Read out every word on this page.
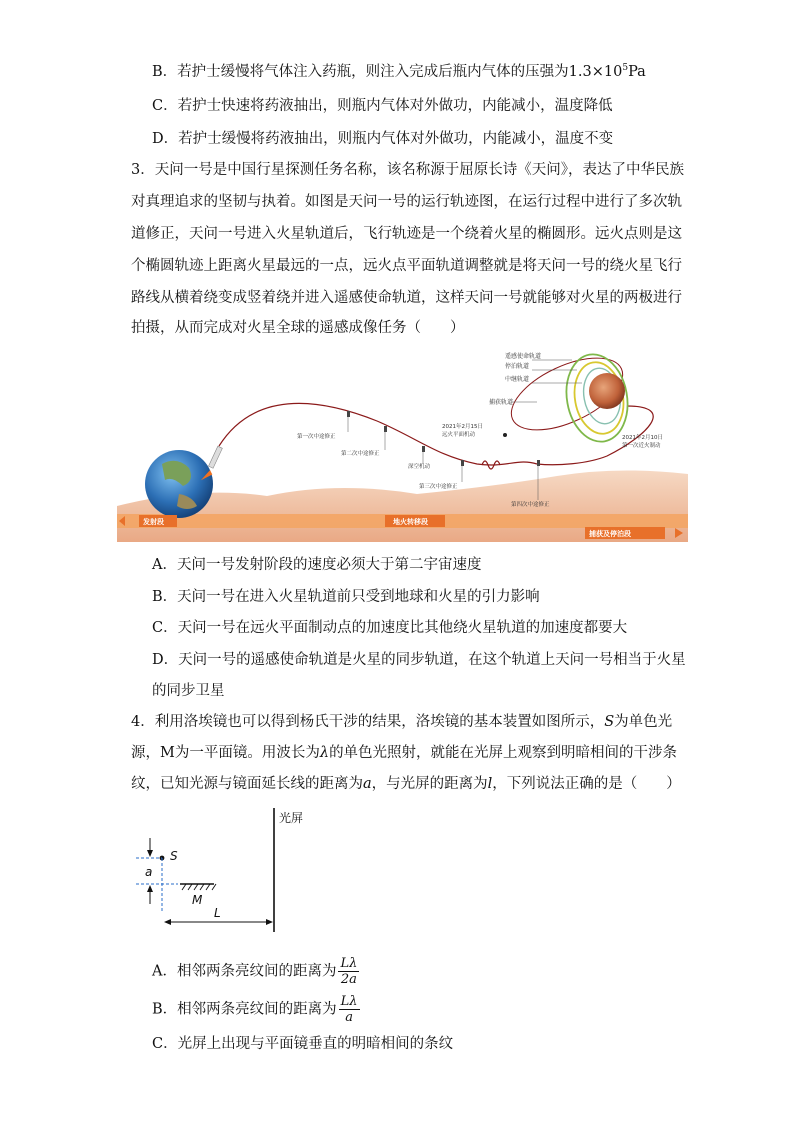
B．若护士缓慢将气体注入药瓶，则注入完成后瓶内气体的压强为$1.3\times 10^5Pa$
C．若护士快速将药液抽出，则瓶内气体对外做功，内能减小，温度降低
D．若护士缓慢将药液抽出，则瓶内气体对外做功，内能减小，温度不变
3．天问一号是中国行星探测任务名称，该名称源于屈原长诗《天问》，表达了中华民族
对真理追求的坚韧与执着。如图是天问一号的运行轨迹图，在运行过程中进行了多次轨
道修正，天问一号进入火星轨道后，飞行轨迹是一个绕着火星的椭圆形。远火点则是这
个椭圆轨迹上距离火星最远的一点，远火点平面轨道调整就是将天问一号的绕火星飞行
路线从横着绕变成竖着绕并进入遥感使命轨道，这样天问一号就能够对火星的两极进行
拍摄，从而完成对火星全球的遥感成像任务（　　）
遥感使命轨道
停泊轨道
中继轨道
捕获轨道
第一次中途修正
第二次中途修正
深空机动
第三次中途修正
第四次中途修正
2021年2月15日
远火平面机动	2021年2月10日
第一次近火制动
发射段	地火转移段
捕获及停泊段
A．天问一号发射阶段的速度必须大于第二宇宙速度
B．天问一号在进入火星轨道前只受到地球和火星的引力影响
C．天问一号在远火平面制动点的加速度比其他绕火星轨道的加速度都要大
D．天问一号的遥感使命轨道是火星的同步轨道，在这个轨道上天问一号相当于火星
的同步卫星
4．利用洛埃镜也可以得到杨氏干涉的结果，洛埃镜的基本装置如图所示，S为单色光
源，M为一平面镜。用波长为λ的单色光照射，就能在光屏上观察到明暗相间的干涉条
纹，已知光源与镜面延长线的距离为a，与光屏的距离为l，下列说法正确的是（　　）
光屏
S
a
M
L
A．相邻两条亮纹间的距离为 $\frac{L\lambda}{2a}$
B．相邻两条亮纹间的距离为 $\frac{L\lambda}{a}$
C．光屏上出现与平面镜垂直的明暗相间的条纹
